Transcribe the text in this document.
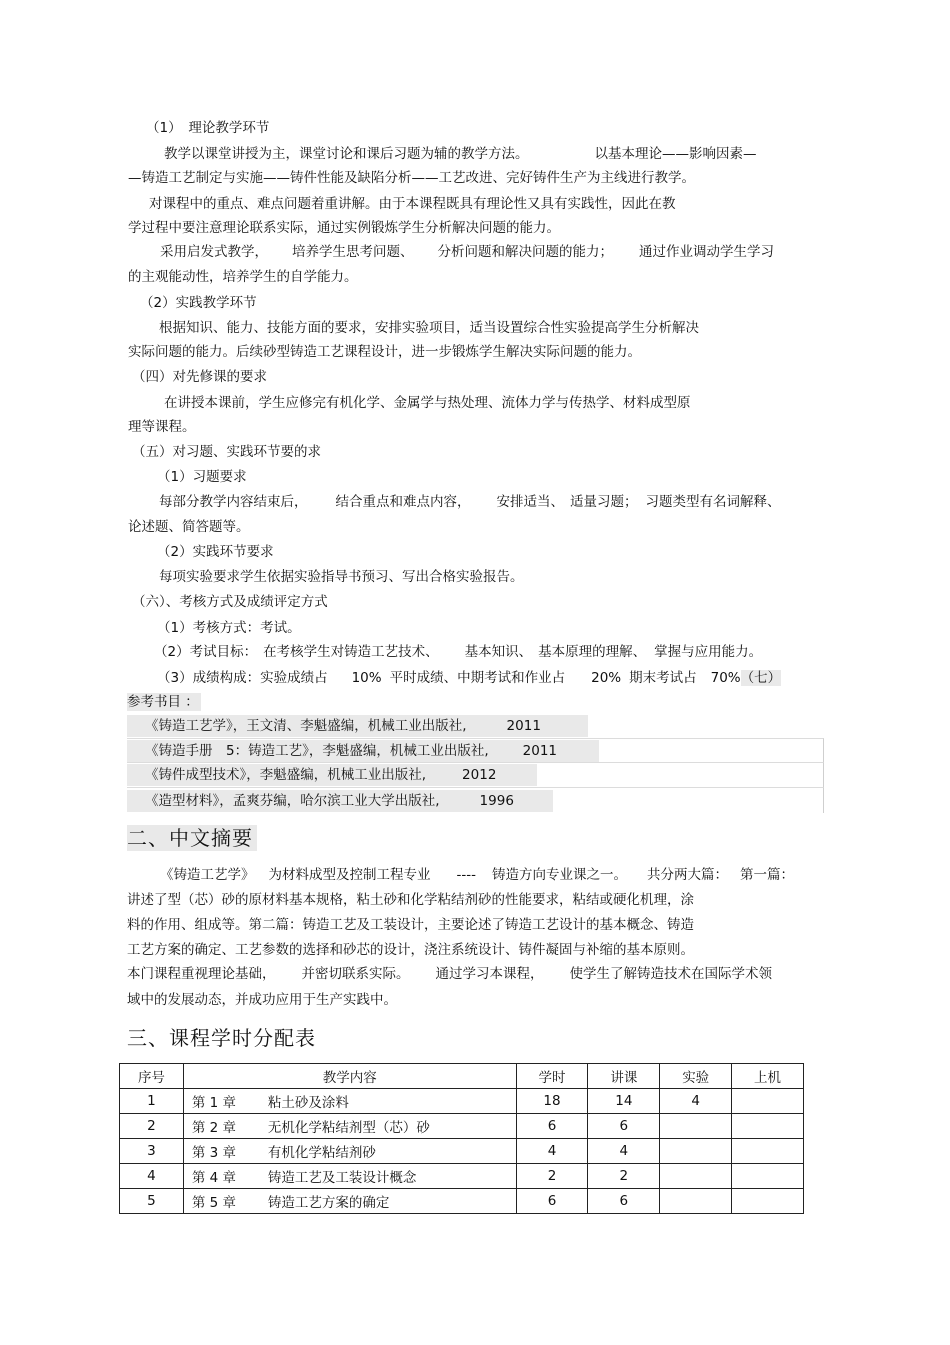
（1）　理论教学环节
教学以课堂讲授为主，课堂讨论和课后习题为辅的教学方法。	以基本理论——影响因素—
—铸造工艺制定与实施——铸件性能及缺陷分析——工艺改进、完好铸件生产为主线进行教学。
对课程中的重点、难点问题着重讲解。由于本课程既具有理论性又具有实践性，因此在教
学过程中要注意理论联系实际，通过实例锻炼学生分析解决问题的能力。
采用启发式教学， 培养学生思考问题、 分析问题和解决问题的能力； 通过作业调动学生学习
的主观能动性，培养学生的自学能力。
（2）实践教学环节
根据知识、能力、技能方面的要求，安排实验项目，适当设置综合性实验提高学生分析解决
实际问题的能力。后续砂型铸造工艺课程设计，进一步锻炼学生解决实际问题的能力。
（四）对先修课的要求
在讲授本课前，学生应修完有机化学、金属学与热处理、流体力学与传热学、材料成型原
理等课程。
（五）对习题、实践环节要的求
（1）习题要求
每部分教学内容结束后， 结合重点和难点内容， 安排适当、 适量习题； 习题类型有名词解释、
论述题、简答题等。
（2）实践环节要求
每项实验要求学生依据实验指导书预习、写出合格实验报告。
（六）、考核方式及成绩评定方式
（1）考核方式：考试。
（2）考试目标： 在考核学生对铸造工艺技术、 基本知识、 基本原理的理解、 掌握与应用能力。
（3）成绩构成：实验成绩占 10% 平时成绩、中期考试和作业占 20% 期末考试占 70%（七）
参考书目 ：
《铸造工艺学》，王文清、李魁盛编，机械工业出版社,	2011
《铸造手册　5：铸造工艺》，李魁盛编，机械工业出版社,	2011
《铸件成型技术》，李魁盛编，机械工业出版社,	2012
《造型材料》，孟爽芬编，哈尔滨工业大学出版社,	1996
二、中文摘要
《铸造工艺学》 为材料成型及控制工程专业 ---- 铸造方向专业课之一。 共分两大篇： 第一篇：
讲述了型（芯）砂的原材料基本规格，粘土砂和化学粘结剂砂的性能要求，粘结或硬化机理，涂
料的作用、组成等。第二篇：铸造工艺及工装设计，主要论述了铸造工艺设计的基本概念、铸造
工艺方案的确定、工艺参数的选择和砂芯的设计，浇注系统设计、铸件凝固与补缩的基本原则。
本门课程重视理论基础， 并密切联系实际。 通过学习本课程， 使学生了解铸造技术在国际学术领
域中的发展动态，并成功应用于生产实践中。
三、课程学时分配表
序号	教学内容	学时	讲课	实验	上机
1	第 1 章 粘土砂及涂料	18	14	4	
2	第 2 章 无机化学粘结剂型（芯）砂	6	6		
3	第 3 章 有机化学粘结剂砂	4	4		
4	第 4 章 铸造工艺及工装设计概念	2	2		
5	第 5 章 铸造工艺方案的确定	6	6		
